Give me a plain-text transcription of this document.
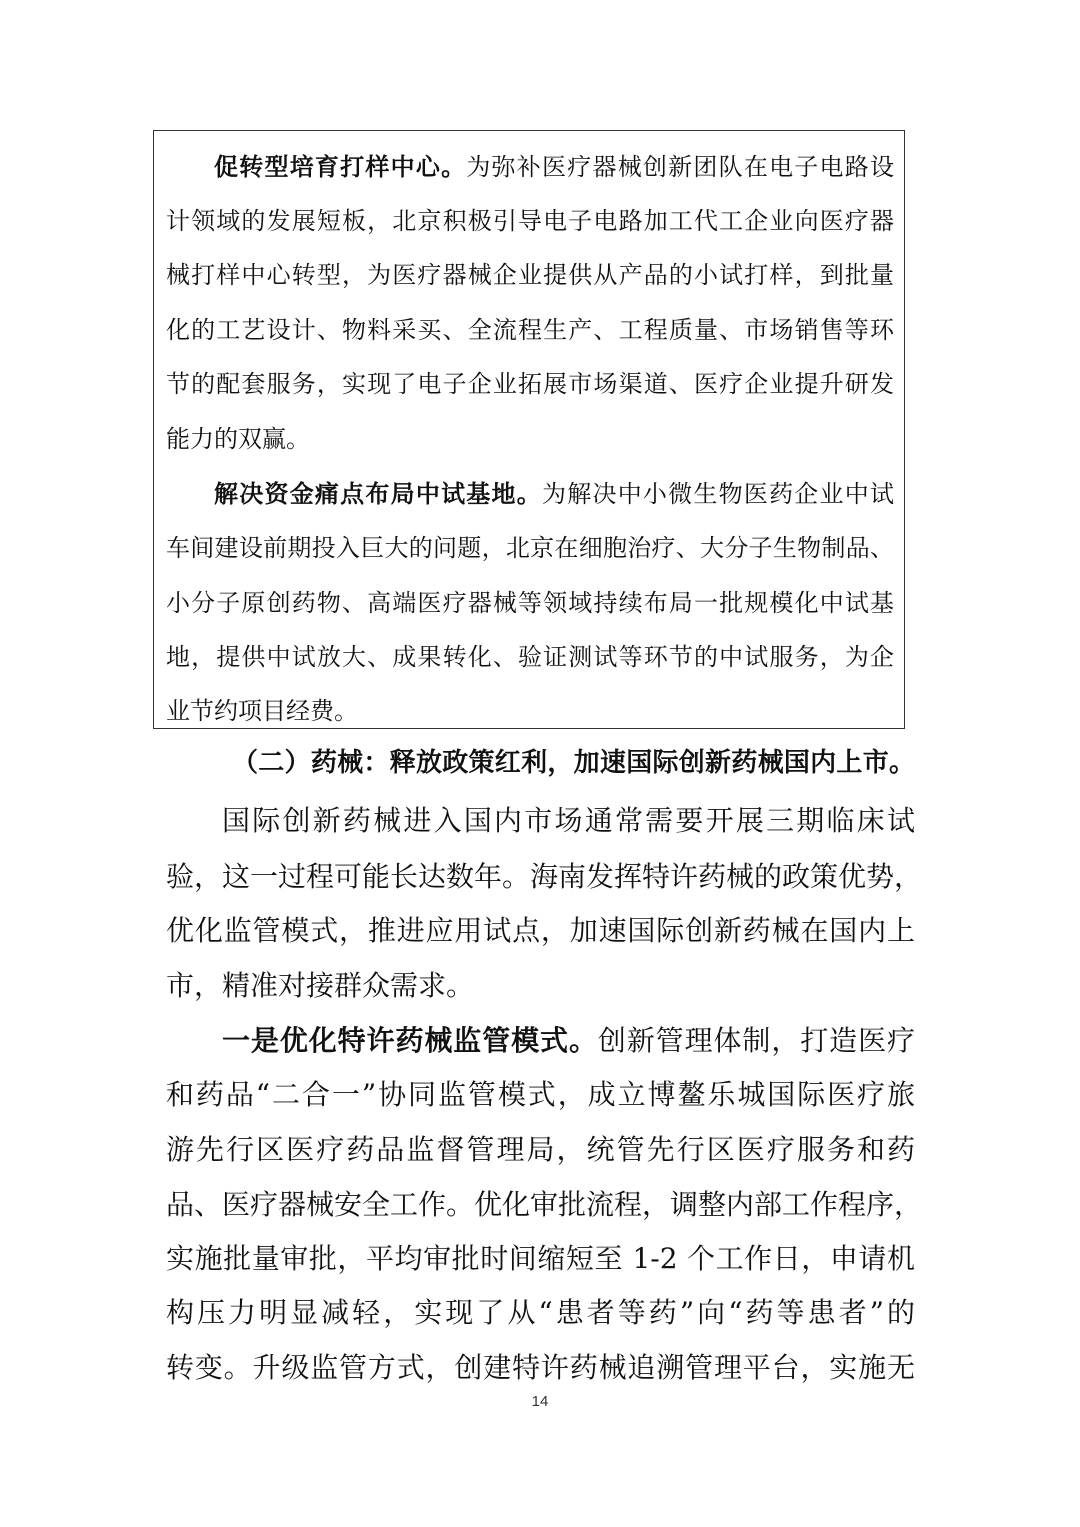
促转型培育打样中心。为弥补医疗器械创新团队在电子电路设
计领域的发展短板，北京积极引导电子电路加工代工企业向医疗器
械打样中心转型，为医疗器械企业提供从产品的小试打样，到批量
化的工艺设计、物料采买、全流程生产、工程质量、市场销售等环
节的配套服务，实现了电子企业拓展市场渠道、医疗企业提升研发
能力的双赢。
解决资金痛点布局中试基地。为解决中小微生物医药企业中试
车间建设前期投入巨大的问题，北京在细胞治疗、大分子生物制品、
小分子原创药物、高端医疗器械等领域持续布局一批规模化中试基
地，提供中试放大、成果转化、验证测试等环节的中试服务，为企
业节约项目经费。
（二）药械：释放政策红利，加速国际创新药械国内上市。
国际创新药械进入国内市场通常需要开展三期临床试
验，这一过程可能长达数年。海南发挥特许药械的政策优势，
优化监管模式，推进应用试点，加速国际创新药械在国内上
市，精准对接群众需求。
一是优化特许药械监管模式。创新管理体制，打造医疗
和药品“二合一”协同监管模式，成立博鳌乐城国际医疗旅
游先行区医疗药品监督管理局，统管先行区医疗服务和药
品、医疗器械安全工作。优化审批流程，调整内部工作程序，
实施批量审批，平均审批时间缩短至 1-2 个工作日，申请机
构压力明显减轻，实现了从“患者等药”向“药等患者”的
转变。升级监管方式，创建特许药械追溯管理平台，实施无
14
